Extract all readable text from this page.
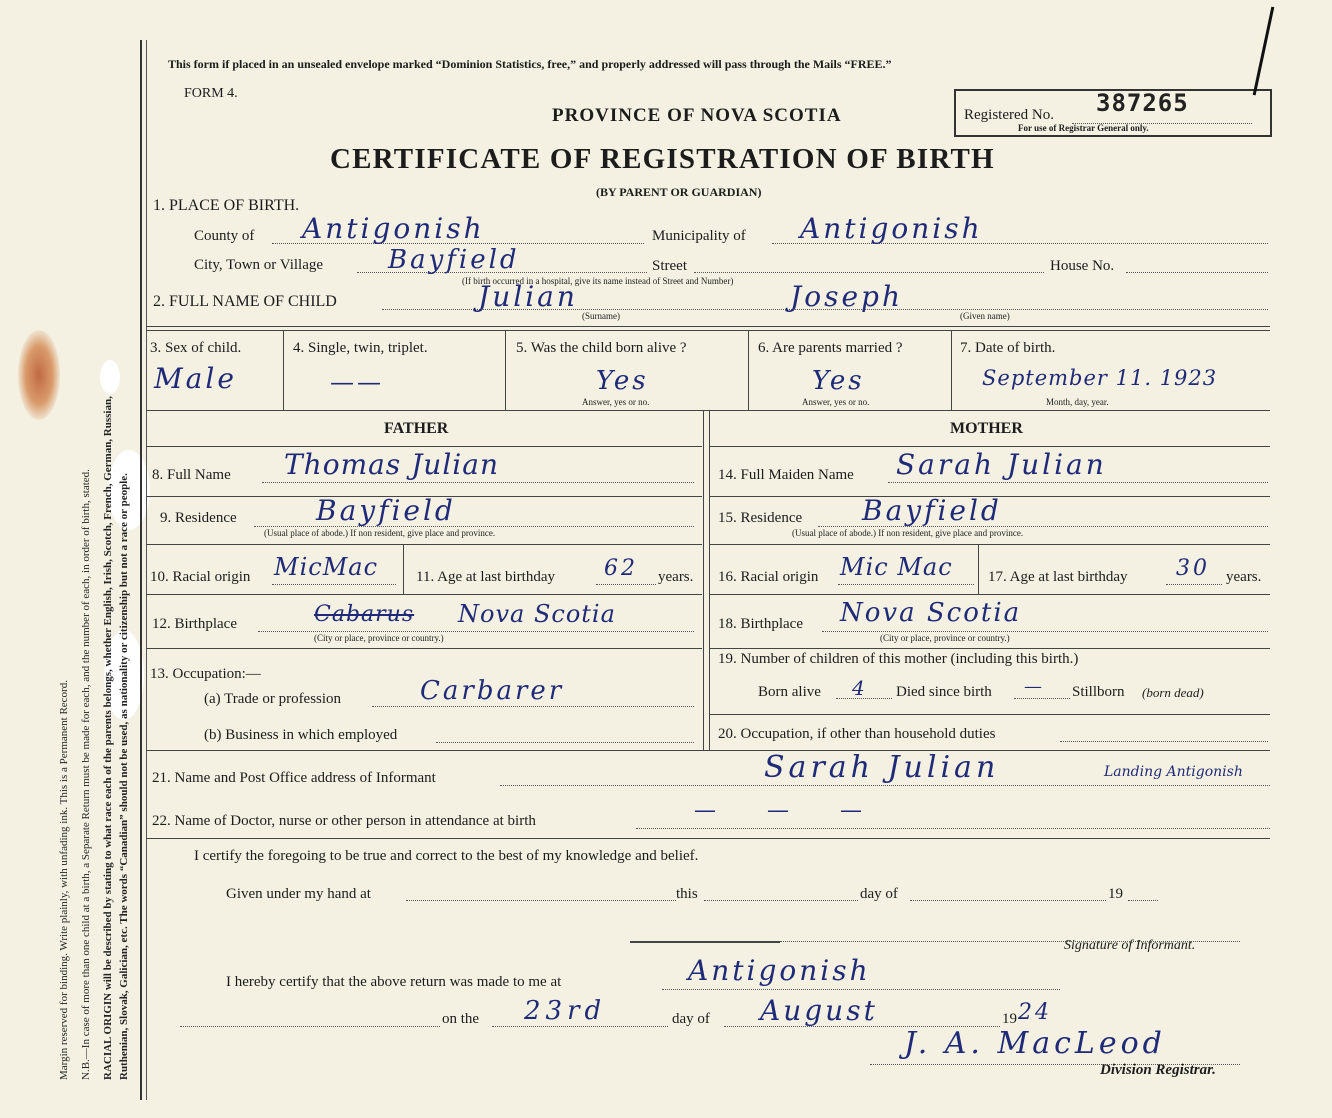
Margin reserved for binding. Write plainly, with unfading ink. This is a Permanent Record. N.B.—In case of more than one child at a birth, a Separate Return must be made for each, and the number of each, in order of birth, stated. RACIAL ORIGIN will be described by stating to what race each of the parents belongs, whether English, Irish, Scotch, French, German, Russian, Ruthenian, Slovak, Galician, etc. The words “Canadian” should not be used, as nationality or citizenship but not a race or people.
This form if placed in an unsealed envelope marked “Dominion Statistics, free,” and properly addressed will pass through the Mails “FREE.”
FORM 4.
PROVINCE OF NOVA SCOTIA	Registered No. 387265
For use of Registrar General only.
CERTIFICATE OF REGISTRATION OF BIRTH
(BY PARENT OR GUARDIAN)
1. PLACE OF BIRTH.
County of Antigonish	Municipality of Antigonish
City, Town or Village Bayfield	Street	House No.
(If birth occurred in a hospital, give its name instead of Street and Number)
2. FULL NAME OF CHILD	Julian	Joseph
(Surname)	(Given name)
3. Sex of child.
Male
4. Single, twin, triplet.
——
5. Was the child born alive ?
Yes
Answer, yes or no.
6. Are parents married ?
Yes
Answer, yes or no.
7. Date of birth.
September 11. 1923
Month, day, year.
FATHER	MOTHER
8. Full Name Thomas Julian	14. Full Maiden Name Sarah Julian
9. Residence	Bayfield
(Usual place of abode.) If non resident, give place and province.
15. Residence Bayfield
(Usual place of abode.) If non resident, give place and province.
10. Racial origin MicMac	11. Age at last birthday 62 years. 16. Racial origin Mic Mac 17. Age at last birthday 30 years.
12. Birthplace	Cabarus Nova Scotia
(City or place, province or country.)
18. Birthplace Nova Scotia
(City or place, province or country.)
13. Occupation:—
(a) Trade or profession	Carbarer
(b) Business in which employed
19. Number of children of this mother (including this birth.)
Born alive 4 Died since birth — Stillborn (born dead)
20. Occupation, if other than household duties
21. Name and Post Office address of Informant	Sarah Julian	Landing Antigonish
22. Name of Doctor, nurse or other person in attendance at birth	— — —
I certify the foregoing to be true and correct to the best of my knowledge and belief.
Given under my hand at	this	day of	19
Signature of Informant.
I hereby certify that the above return was made to me at	Antigonish
on the 23rd	day of August	19 24
J. A. MacLeod
Division Registrar.
